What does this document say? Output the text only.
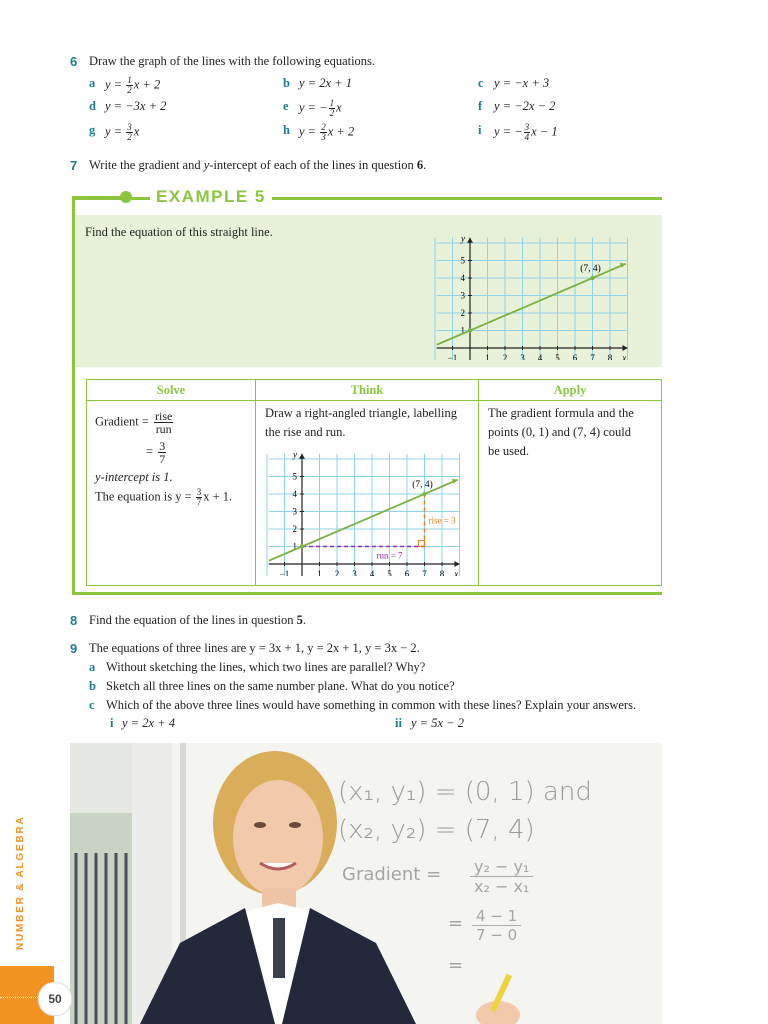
6 Draw the graph of the lines with the following equations.
a $y = \frac{1}{2}$ x + 2	b y = 2x + 1	c y = −x + 3
d y = −3x + 2	e y = − $\frac{1}{2}$ x	f y = −2x − 2
g $y = \frac{3}{2}$ x	h $y = \frac{2}{3}$ x + 2	i y = − $\frac{3}{4}$ x − 1
7 Write the gradient and y-intercept of each of the lines in question 6.
EXAMPLE 5
Find the equation of this straight line.
−1	1 2 3 4 5 6 7 8
1
2
3
4
5
x
y
(7, 4)
Solve	Think	Apply

Gradient = rise
run
= $\frac{3}{7}$
y-intercept is 1.
The equation is $y = \frac{3}{7}$ x + 1.
Draw a right-angled triangle, labelling
the rise and run.
−1	1 2 3 4 5 6 7 8
1
2
3
4
5
x
y
run = 7
rise = 3
(7, 4)
The gradient formula and the
points (0, 1) and (7, 4) could
be used.
8 Find the equation of the lines in question 5.
9 The equations of three lines are y = 3x + 1, y = 2x + 1, y = 3x − 2.
a Without sketching the lines, which two lines are parallel? Why?
b Sketch all three lines on the same number plane. What do you notice?
c Which of the above three lines would have something in common with these lines? Explain your answers.
i y = 2x + 4	ii y = 5x − 2
(x₁, y₁) = (0, 1) and
(x₂, y₂) = (7, 4)
Gradient = y₂ − y₁
x₂ − x₁
= 4 − 1
7 − 0
=
NUMBER & ALGEBRA
50
